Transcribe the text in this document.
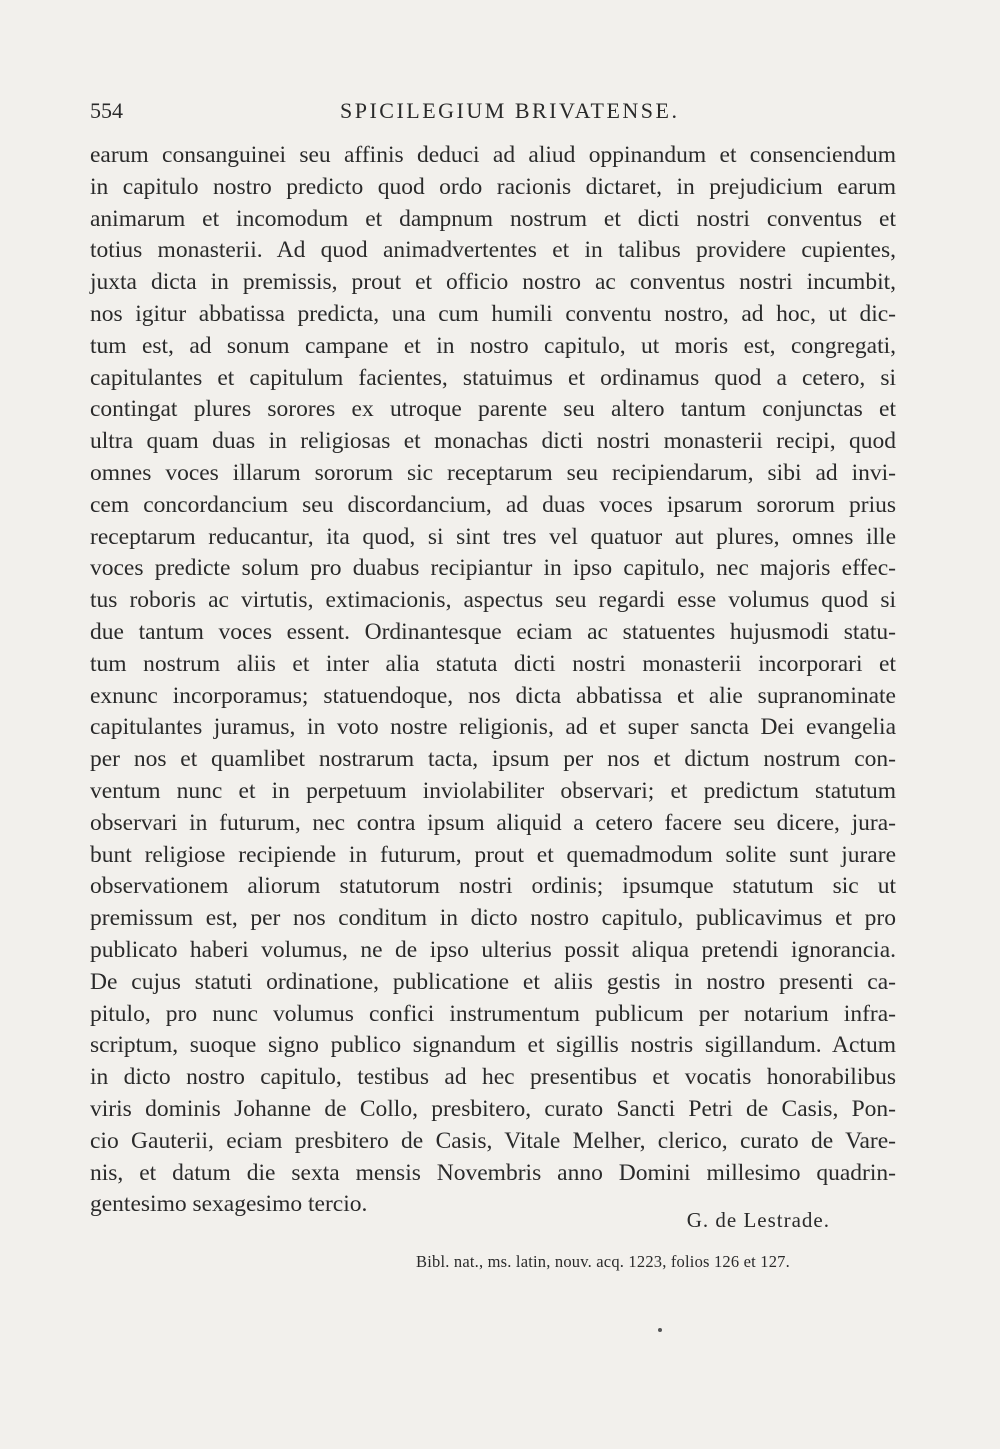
554	SPICILEGIUM BRIVATENSE.
earum consanguinei seu affinis deduci ad aliud oppinandum et consenciendum
in capitulo nostro predicto quod ordo racionis dictaret, in prejudicium earum
animarum et incomodum et dampnum nostrum et dicti nostri conventus et
totius monasterii. Ad quod animadvertentes et in talibus providere cupientes,
juxta dicta in premissis, prout et officio nostro ac conventus nostri incumbit,
nos igitur abbatissa predicta, una cum humili conventu nostro, ad hoc, ut dic-
tum est, ad sonum campane et in nostro capitulo, ut moris est, congregati,
capitulantes et capitulum facientes, statuimus et ordinamus quod a cetero, si
contingat plures sorores ex utroque parente seu altero tantum conjunctas et
ultra quam duas in religiosas et monachas dicti nostri monasterii recipi, quod
omnes voces illarum sororum sic receptarum seu recipiendarum, sibi ad invi-
cem concordancium seu discordancium, ad duas voces ipsarum sororum prius
receptarum reducantur, ita quod, si sint tres vel quatuor aut plures, omnes ille
voces predicte solum pro duabus recipiantur in ipso capitulo, nec majoris effec-
tus roboris ac virtutis, extimacionis, aspectus seu regardi esse volumus quod si
due tantum voces essent. Ordinantesque eciam ac statuentes hujusmodi statu-
tum nostrum aliis et inter alia statuta dicti nostri monasterii incorporari et
exnunc incorporamus; statuendoque, nos dicta abbatissa et alie supranominate
capitulantes juramus, in voto nostre religionis, ad et super sancta Dei evangelia
per nos et quamlibet nostrarum tacta, ipsum per nos et dictum nostrum con-
ventum nunc et in perpetuum inviolabiliter observari; et predictum statutum
observari in futurum, nec contra ipsum aliquid a cetero facere seu dicere, jura-
bunt religiose recipiende in futurum, prout et quemadmodum solite sunt jurare
observationem aliorum statutorum nostri ordinis; ipsumque statutum sic ut
premissum est, per nos conditum in dicto nostro capitulo, publicavimus et pro
publicato haberi volumus, ne de ipso ulterius possit aliqua pretendi ignorancia.
De cujus statuti ordinatione, publicatione et aliis gestis in nostro presenti ca-
pitulo, pro nunc volumus confici instrumentum publicum per notarium infra-
scriptum, suoque signo publico signandum et sigillis nostris sigillandum. Actum
in dicto nostro capitulo, testibus ad hec presentibus et vocatis honorabilibus
viris dominis Johanne de Collo, presbitero, curato Sancti Petri de Casis, Pon-
cio Gauterii, eciam presbitero de Casis, Vitale Melher, clerico, curato de Vare-
nis, et datum die sexta mensis Novembris anno Domini millesimo quadrin-
gentesimo sexagesimo tercio.
G. de Lestrade.
Bibl. nat., ms. latin, nouv. acq. 1223, folios 126 et 127.
